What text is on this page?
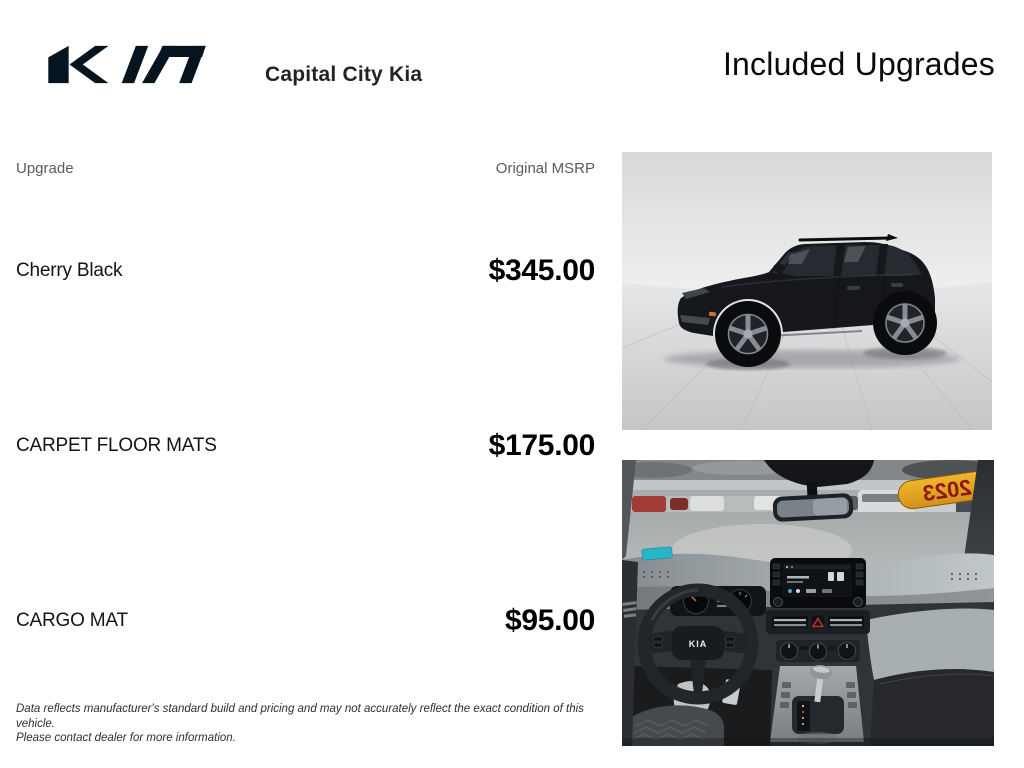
Capital City Kia	Included Upgrades
Upgrade	Original MSRP
Cherry Black	$345.00
CARPET FLOOR MATS	$175.00
CARGO MAT	$95.00
Data reflects manufacturer's standard build and pricing and may not accurately reflect the exact condition of this vehicle.
Please contact dealer for more information.
2023
KIA
